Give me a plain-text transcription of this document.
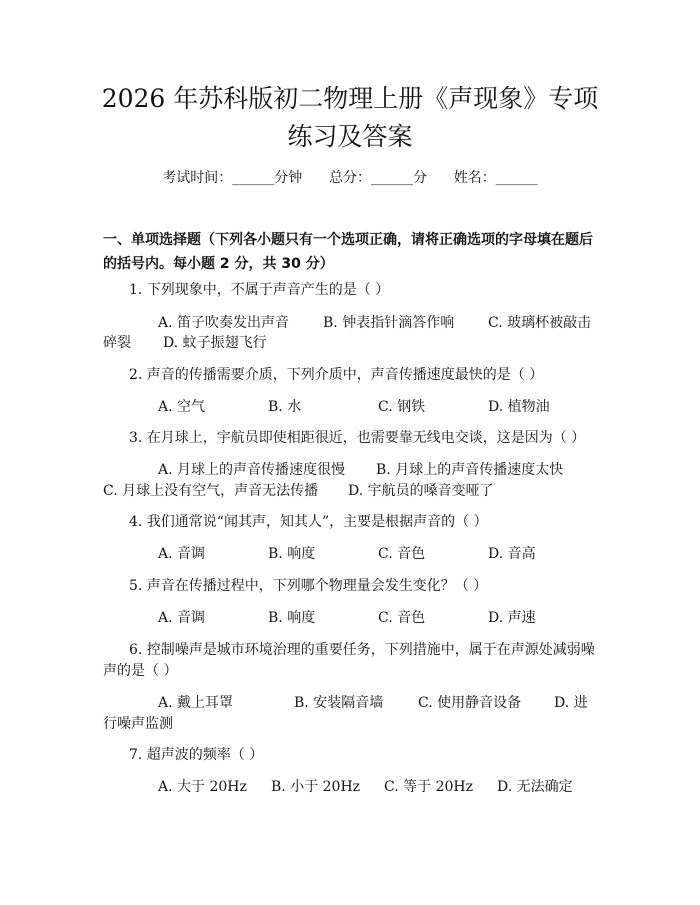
2026 年苏科版初二物理上册《声现象》专项
练习及答案
考试时间：______分钟      总分：______分      姓名：______
一、单项选择题（下列各小题只有一个选项正确，请将正确选项的字母填在题后的括号内。每小题 2 分，共 30 分）
1. 下列现象中，不属于声音产生的是（ ）
A. 笛子吹奏发出声音 B. 钟表指针滴答作响 C. 玻璃杯被敲击
碎裂 D. 蚊子振翅飞行
2. 声音的传播需要介质，下列介质中，声音传播速度最快的是（ ）
A. 空气	B. 水	C. 钢铁	D. 植物油
3. 在月球上，宇航员即使相距很近，也需要靠无线电交谈，这是因为（ ）
A. 月球上的声音传播速度很慢 B. 月球上的声音传播速度太快
C. 月球上没有空气，声音无法传播 D. 宇航员的嗓音变哑了
4. 我们通常说“闻其声，知其人”，主要是根据声音的（ ）
A. 音调	B. 响度	C. 音色	D. 音高
5. 声音在传播过程中，下列哪个物理量会发生变化？（ ）
A. 音调	B. 响度	C. 音色	D. 声速
6. 控制噪声是城市环境治理的重要任务，下列措施中，属于在声源处减弱噪
声的是（ ）
A. 戴上耳罩	B. 安装隔音墙 C. 使用静音设备 D. 进
行噪声监测
7. 超声波的频率（ ）
A. 大于 20Hz B. 小于 20Hz C. 等于 20Hz D. 无法确定
